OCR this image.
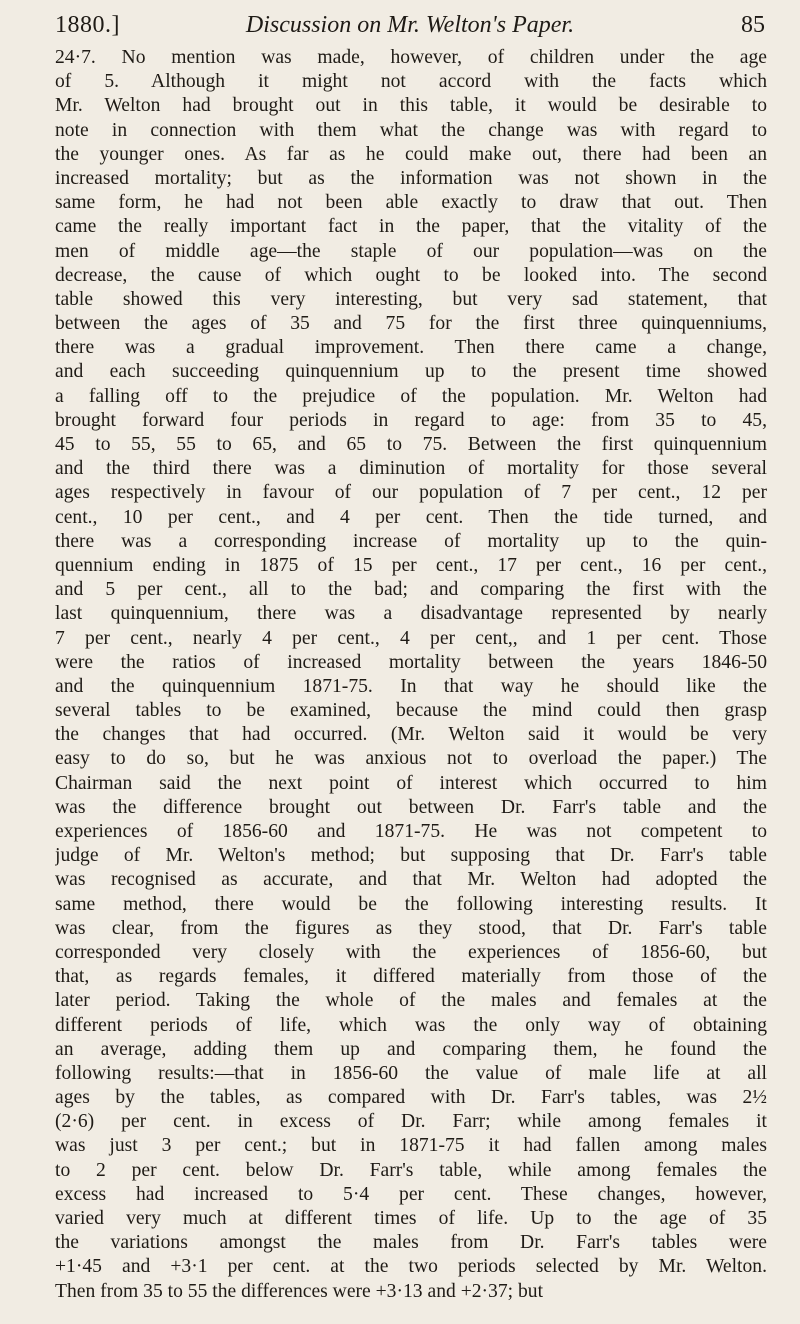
1880.]	Discussion on Mr. Welton's Paper.	85
24·7. No mention was made, however, of children under the age
of 5. Although it might not accord with the facts which
Mr. Welton had brought out in this table, it would be desirable to
note in connection with them what the change was with regard to
the younger ones. As far as he could make out, there had been an
increased mortality; but as the information was not shown in the
same form, he had not been able exactly to draw that out. Then
came the really important fact in the paper, that the vitality of the
men of middle age—the staple of our population—was on the
decrease, the cause of which ought to be looked into. The second
table showed this very interesting, but very sad statement, that
between the ages of 35 and 75 for the first three quinquenniums,
there was a gradual improvement. Then there came a change,
and each succeeding quinquennium up to the present time showed
a falling off to the prejudice of the population. Mr. Welton had
brought forward four periods in regard to age: from 35 to 45,
45 to 55, 55 to 65, and 65 to 75. Between the first quinquennium
and the third there was a diminution of mortality for those several
ages respectively in favour of our population of 7 per cent., 12 per
cent., 10 per cent., and 4 per cent. Then the tide turned, and
there was a corresponding increase of mortality up to the quin-
quennium ending in 1875 of 15 per cent., 17 per cent., 16 per cent.,
and 5 per cent., all to the bad; and comparing the first with the
last quinquennium, there was a disadvantage represented by nearly
7 per cent., nearly 4 per cent., 4 per cent,, and 1 per cent. Those
were the ratios of increased mortality between the years 1846-50
and the quinquennium 1871-75. In that way he should like the
several tables to be examined, because the mind could then grasp
the changes that had occurred. (Mr. Welton said it would be very
easy to do so, but he was anxious not to overload the paper.) The
Chairman said the next point of interest which occurred to him
was the difference brought out between Dr. Farr's table and the
experiences of 1856-60 and 1871-75. He was not competent to
judge of Mr. Welton's method; but supposing that Dr. Farr's table
was recognised as accurate, and that Mr. Welton had adopted the
same method, there would be the following interesting results. It
was clear, from the figures as they stood, that Dr. Farr's table
corresponded very closely with the experiences of 1856-60, but
that, as regards females, it differed materially from those of the
later period. Taking the whole of the males and females at the
different periods of life, which was the only way of obtaining
an average, adding them up and comparing them, he found the
following results:—that in 1856-60 the value of male life at all
ages by the tables, as compared with Dr. Farr's tables, was 2½
(2·6) per cent. in excess of Dr. Farr; while among females it
was just 3 per cent.; but in 1871-75 it had fallen among males
to 2 per cent. below Dr. Farr's table, while among females the
excess had increased to 5·4 per cent. These changes, however,
varied very much at different times of life. Up to the age of 35
the variations amongst the males from Dr. Farr's tables were
+1·45 and +3·1 per cent. at the two periods selected by Mr. Welton.
Then from 35 to 55 the differences were +3·13 and +2·37; but
